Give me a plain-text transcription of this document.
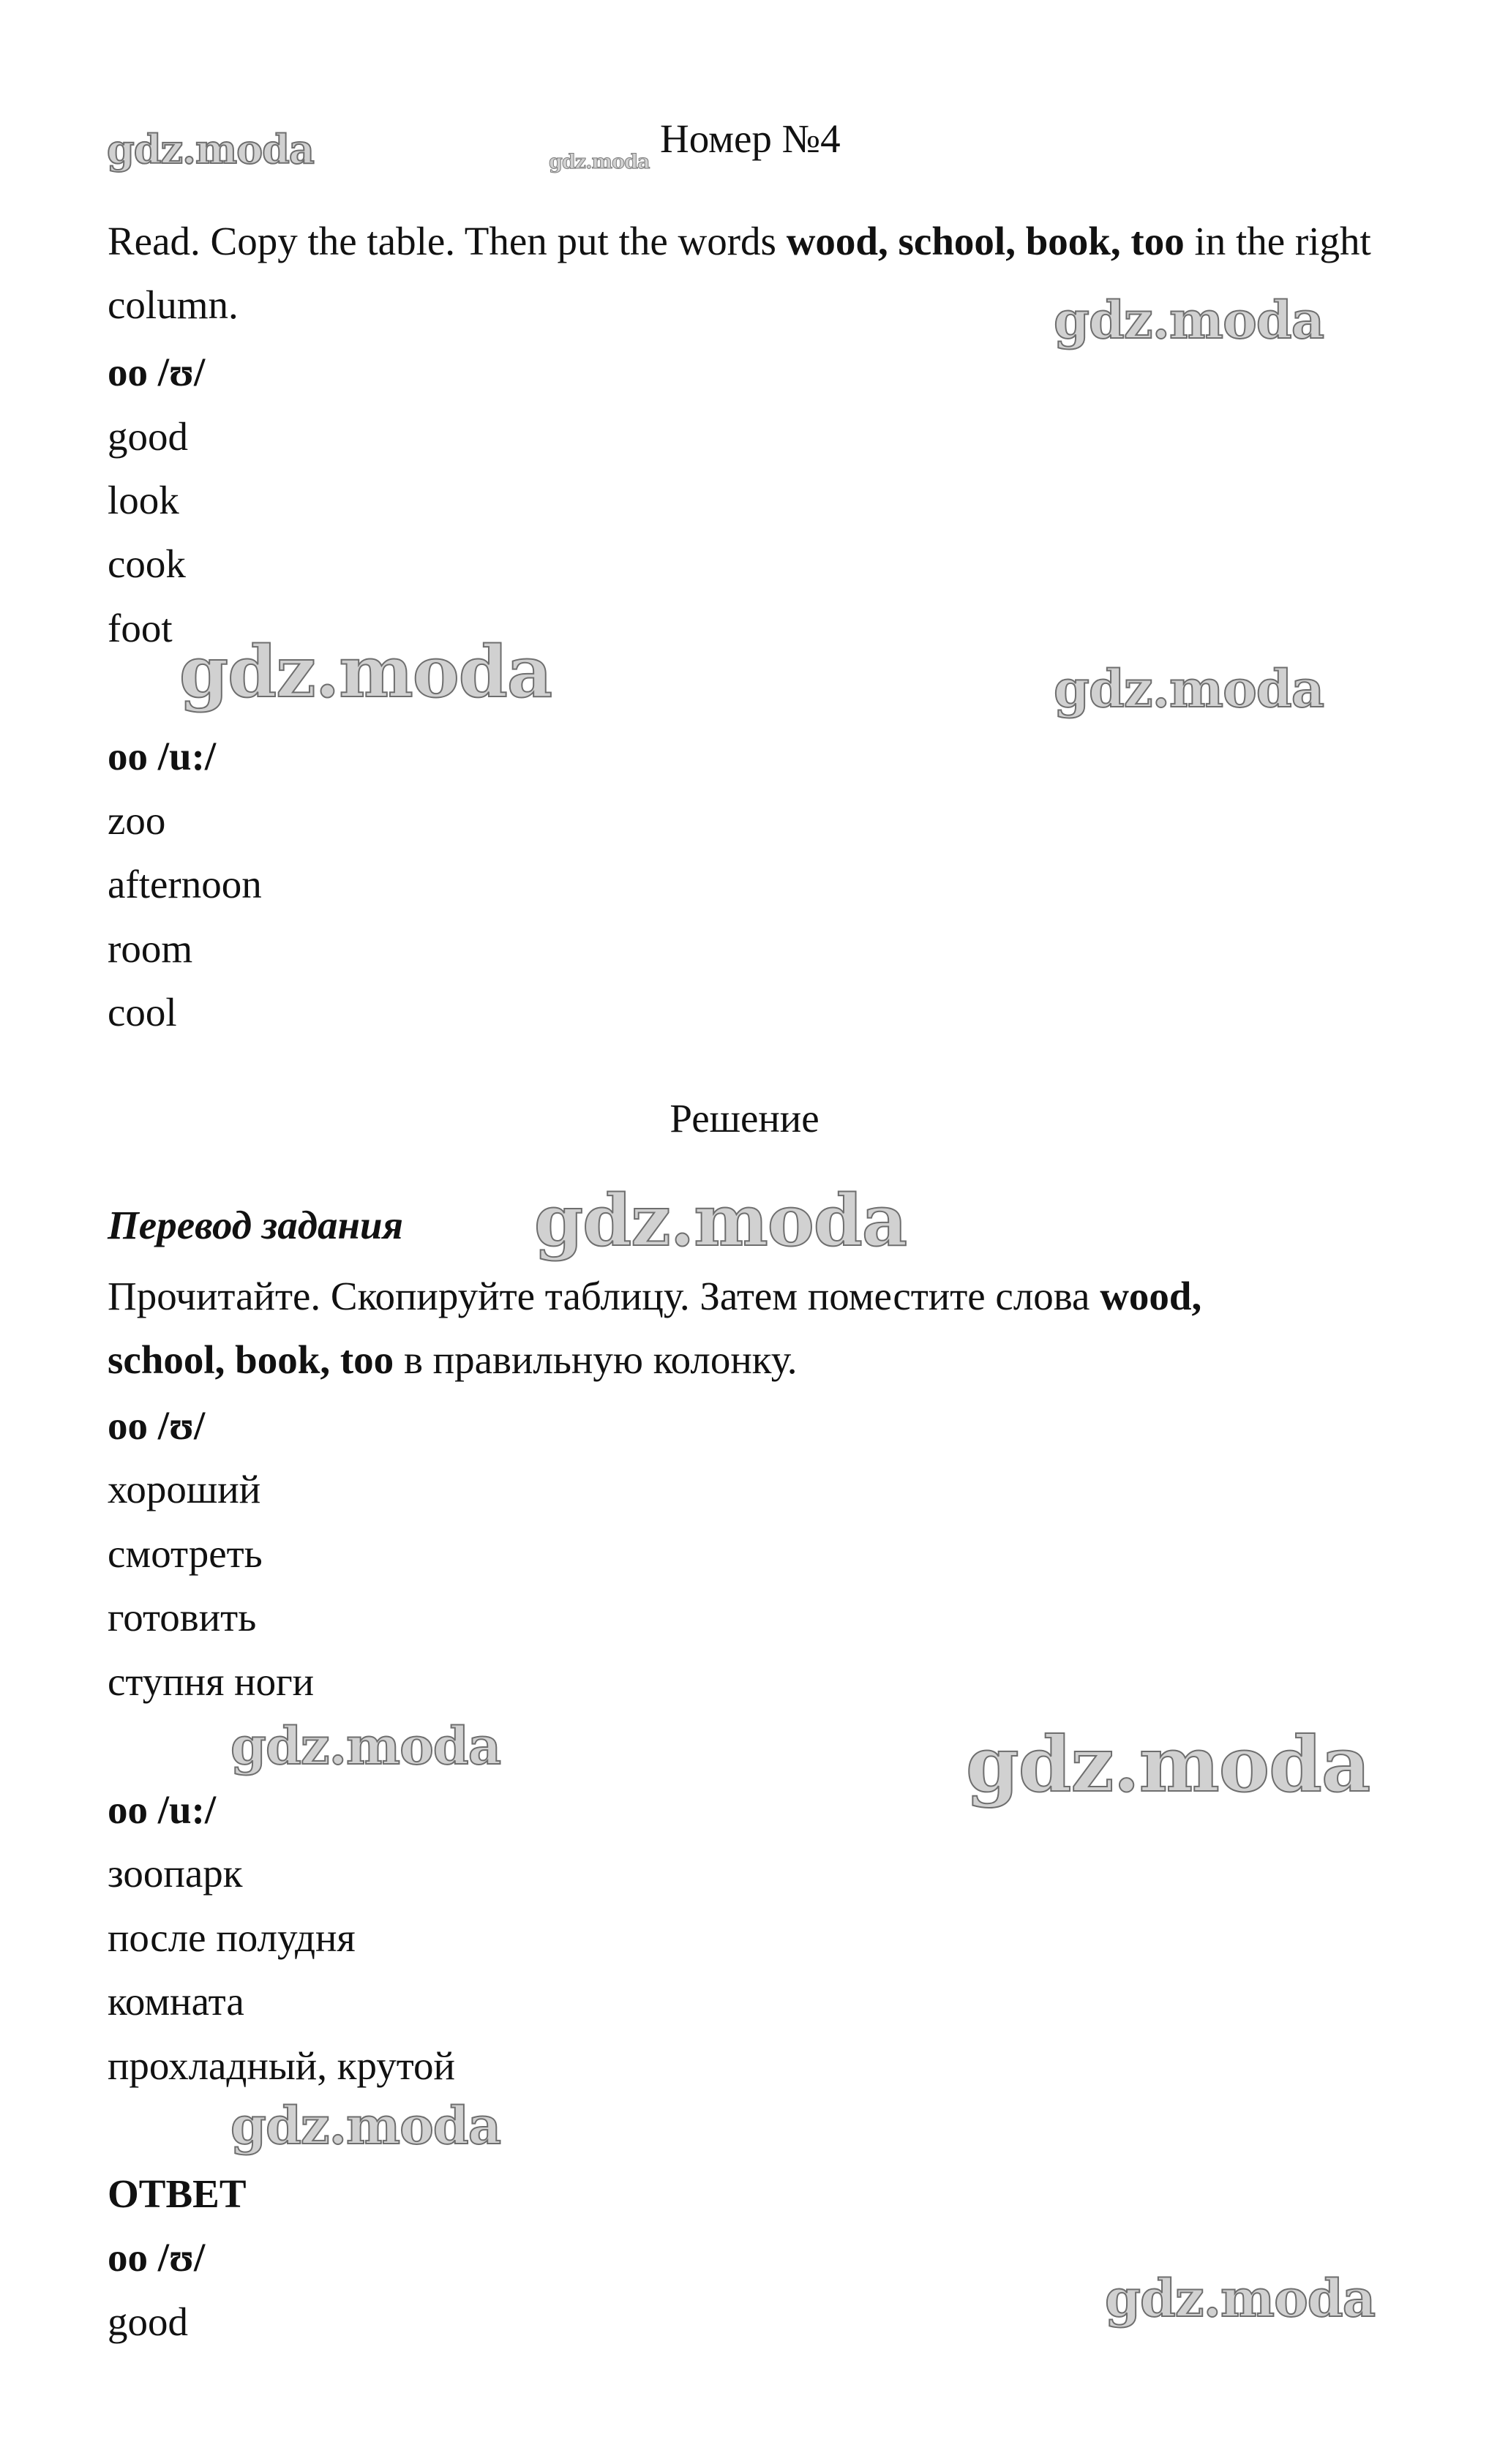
Номер №4
Read. Copy the table. Then put the words wood, school, book, too in the right column.
oo /ʊ/
good
look
cook
foot
oo /u:/
zoo
afternoon
room
cool
Решение
Перевод задания
Прочитайте. Скопируйте таблицу. Затем поместите слова wood,
school, book, too в правильную колонку.
oo /ʊ/
хороший
смотреть
готовить
ступня ноги
oo /u:/
зоопарк
после полудня
комната
прохладный, крутой
ОТВЕТ
oo /ʊ/
good
gdz.moda	gdz.moda
gdz.moda
gdz.moda	gdz.moda
gdz.moda
gdz.moda	gdz.moda
gdz.moda
gdz.moda
